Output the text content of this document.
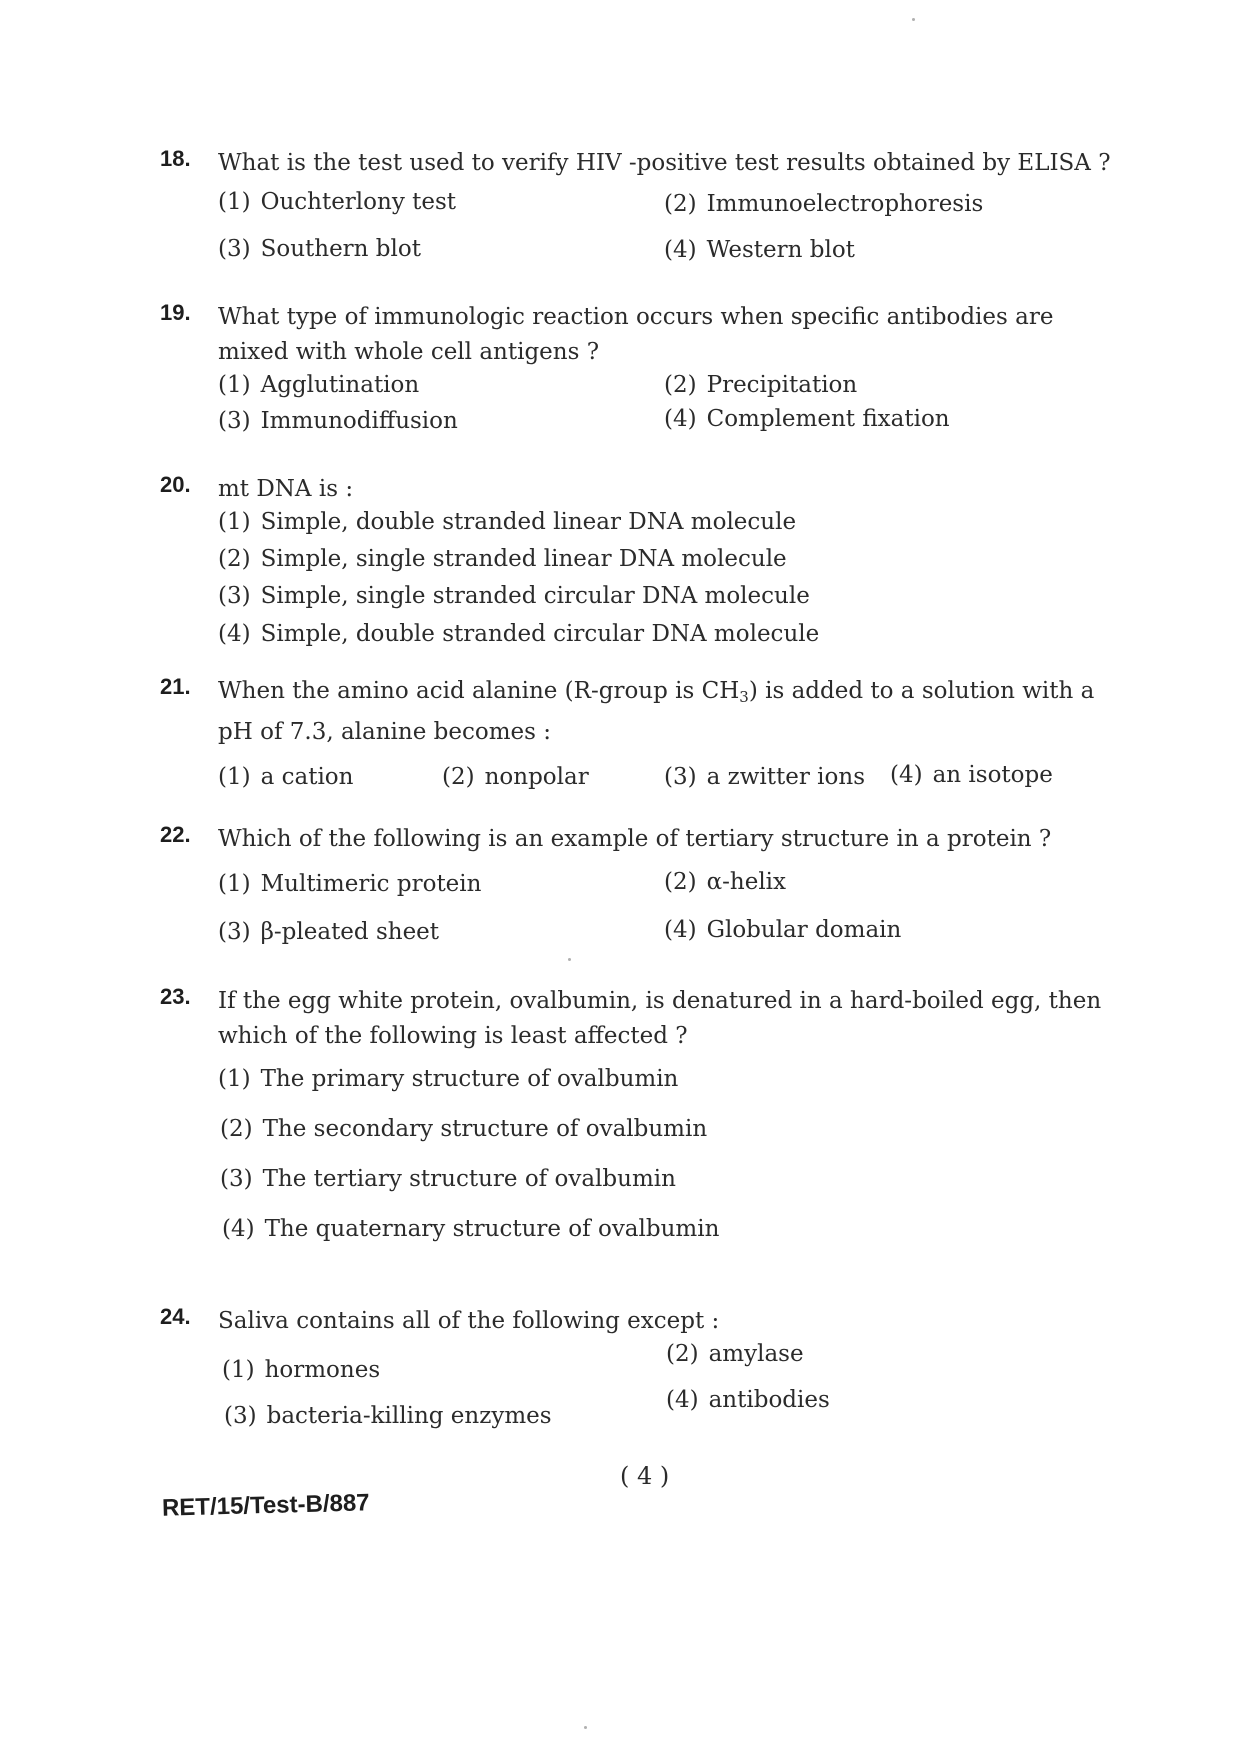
18. What is the test used to verify HIV -positive test results obtained by ELISA ?
(1) Ouchterlony test	(2) Immunoelectrophoresis
(3) Southern blot	(4) Western blot
19. What type of immunologic reaction occurs when specific antibodies are mixed with whole cell antigens ?
(1) Agglutination	(2) Precipitation
(3) Immunodiffusion	(4) Complement fixation
20. mt DNA is :
(1) Simple, double stranded linear DNA molecule
(2) Simple, single stranded linear DNA molecule
(3) Simple, single stranded circular DNA molecule
(4) Simple, double stranded circular DNA molecule
21. When the amino acid alanine (R-group is $CH_3$) is added to a solution with a pH of 7.3, alanine becomes :
(1) a cation	(2) nonpolar	(3) a zwitter ions (4) an isotope
22. Which of the following is an example of tertiary structure in a protein ?
(1) Multimeric protein	(2) α-helix
(3) β-pleated sheet	(4) Globular domain
23. If the egg white protein, ovalbumin, is denatured in a hard-boiled egg, then which of the following is least affected ?
(1) The primary structure of ovalbumin
(2) The secondary structure of ovalbumin
(3) The tertiary structure of ovalbumin
(4) The quaternary structure of ovalbumin
24. Saliva contains all of the following except :
(1) hormones
(2) amylase
(3) bacteria-killing enzymes
(4) antibodies
( 4 )
RET/15/Test-B/887
